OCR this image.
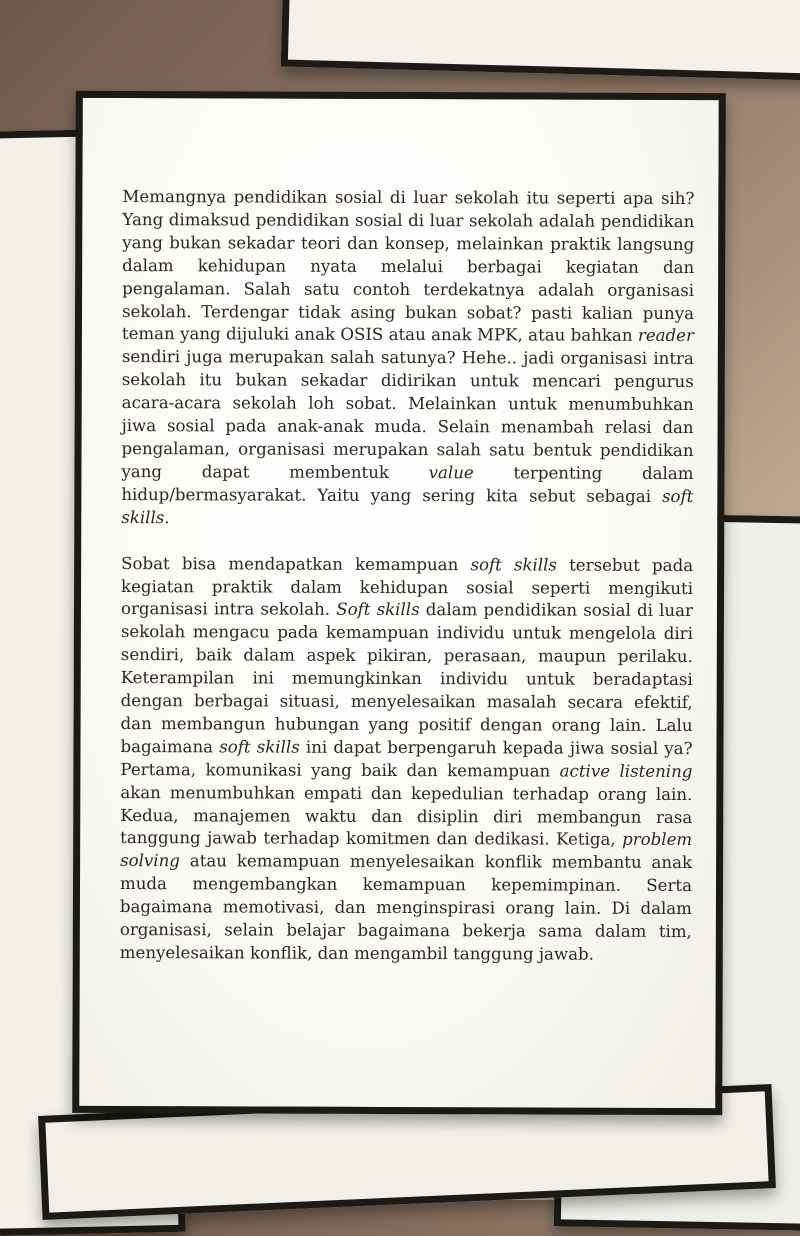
Memangnya pendidikan sosial di luar sekolah itu seperti apa sih? Yang dimaksud pendidikan sosial di luar sekolah adalah pendidikan yang bukan sekadar teori dan konsep, melainkan praktik langsung dalam kehidupan nyata melalui berbagai kegiatan dan pengalaman. Salah satu contoh terdekatnya adalah organisasi sekolah. Terdengar tidak asing bukan sobat? pasti kalian punya teman yang dijuluki anak OSIS atau anak MPK, atau bahkan reader sendiri juga merupakan salah satunya? Hehe.. jadi organisasi intra sekolah itu bukan sekadar didirikan untuk mencari pengurus acara-acara sekolah loh sobat. Melainkan untuk menumbuhkan jiwa sosial pada anak-anak muda. Selain menambah relasi dan pengalaman, organisasi merupakan salah satu bentuk pendidikan yang dapat membentuk value terpenting dalam hidup/bermasyarakat. Yaitu yang sering kita sebut sebagai soft skills.

Sobat bisa mendapatkan kemampuan soft skills tersebut pada kegiatan praktik dalam kehidupan sosial seperti mengikuti organisasi intra sekolah. Soft skills dalam pendidikan sosial di luar sekolah mengacu pada kemampuan individu untuk mengelola diri sendiri, baik dalam aspek pikiran, perasaan, maupun perilaku. Keterampilan ini memungkinkan individu untuk beradaptasi dengan berbagai situasi, menyelesaikan masalah secara efektif, dan membangun hubungan yang positif dengan orang lain. Lalu bagaimana soft skills ini dapat berpengaruh kepada jiwa sosial ya? Pertama, komunikasi yang baik dan kemampuan active listening akan menumbuhkan empati dan kepedulian terhadap orang lain. Kedua, manajemen waktu dan disiplin diri membangun rasa tanggung jawab terhadap komitmen dan dedikasi. Ketiga, problem solving atau kemampuan menyelesaikan konflik membantu anak muda mengembangkan kemampuan kepemimpinan. Serta bagaimana memotivasi, dan menginspirasi orang lain. Di dalam organisasi, selain belajar bagaimana bekerja sama dalam tim, menyelesaikan konflik, dan mengambil tanggung jawab.
